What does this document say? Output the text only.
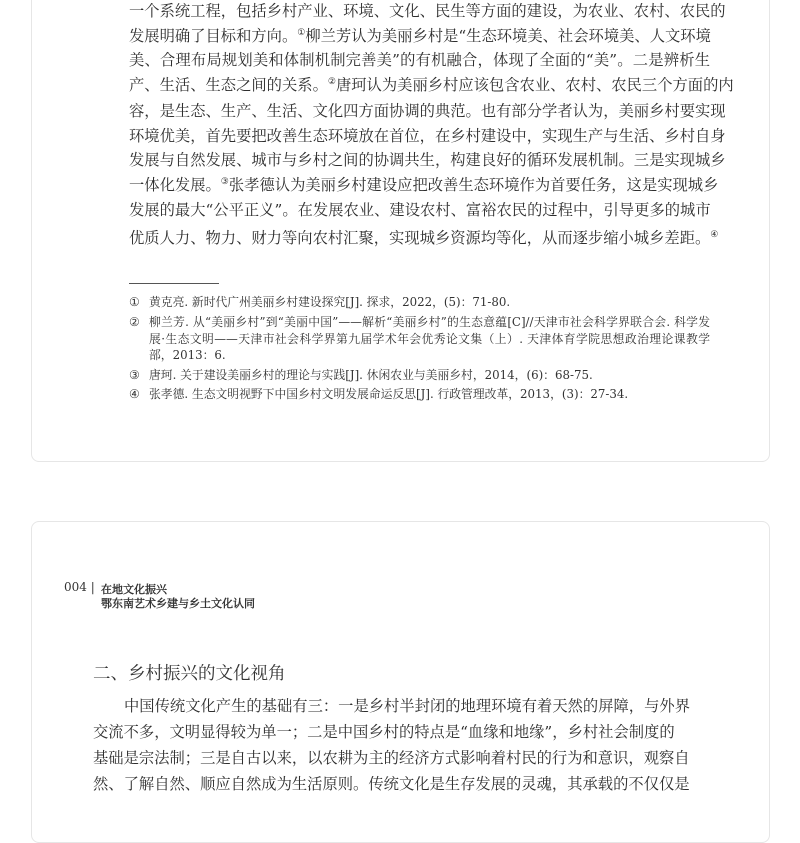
一个系统工程，包括乡村产业、环境、文化、民生等方面的建设，为农业、农村、农民的
发展明确了目标和方向。①柳兰芳认为美丽乡村是“生态环境美、社会环境美、人文环境
美、合理布局规划美和体制机制完善美”的有机融合，体现了全面的“美”。二是辨析生
产、生活、生态之间的关系。②唐珂认为美丽乡村应该包含农业、农村、农民三个方面的内
容，是生态、生产、生活、文化四方面协调的典范。也有部分学者认为，美丽乡村要实现
环境优美，首先要把改善生态环境放在首位，在乡村建设中，实现生产与生活、乡村自身
发展与自然发展、城市与乡村之间的协调共生，构建良好的循环发展机制。三是实现城乡
一体化发展。③张孝德认为美丽乡村建设应把改善生态环境作为首要任务，这是实现城乡
发展的最大“公平正义”。在发展农业、建设农村、富裕农民的过程中，引导更多的城市
优质人力、物力、财力等向农村汇聚，实现城乡资源均等化，从而逐步缩小城乡差距。④
① 黄克亮. 新时代广州美丽乡村建设探究[J]. 探求，2022，(5)：71-80.
② 柳兰芳. 从“美丽乡村”到“美丽中国”——解析“美丽乡村”的生态意蕴[C]//天津市社会科学界联合会. 科学发展·生态文明——天津市社会科学界第九届学术年会优秀论文集（上）. 天津体育学院思想政治理论课教学部，2013：6.
③ 唐珂. 关于建设美丽乡村的理论与实践[J]. 休闲农业与美丽乡村，2014，(6)：68-75.
④ 张孝德. 生态文明视野下中国乡村文明发展命运反思[J]. 行政管理改革，2013，(3)：27-34.
004 | 在地文化振兴
鄂东南艺术乡建与乡土文化认同
二、乡村振兴的文化视角
中国传统文化产生的基础有三：一是乡村半封闭的地理环境有着天然的屏障，与外界
交流不多，文明显得较为单一；二是中国乡村的特点是“血缘和地缘”，乡村社会制度的
基础是宗法制；三是自古以来，以农耕为主的经济方式影响着村民的行为和意识，观察自
然、了解自然、顺应自然成为生活原则。传统文化是生存发展的灵魂，其承载的不仅仅是
